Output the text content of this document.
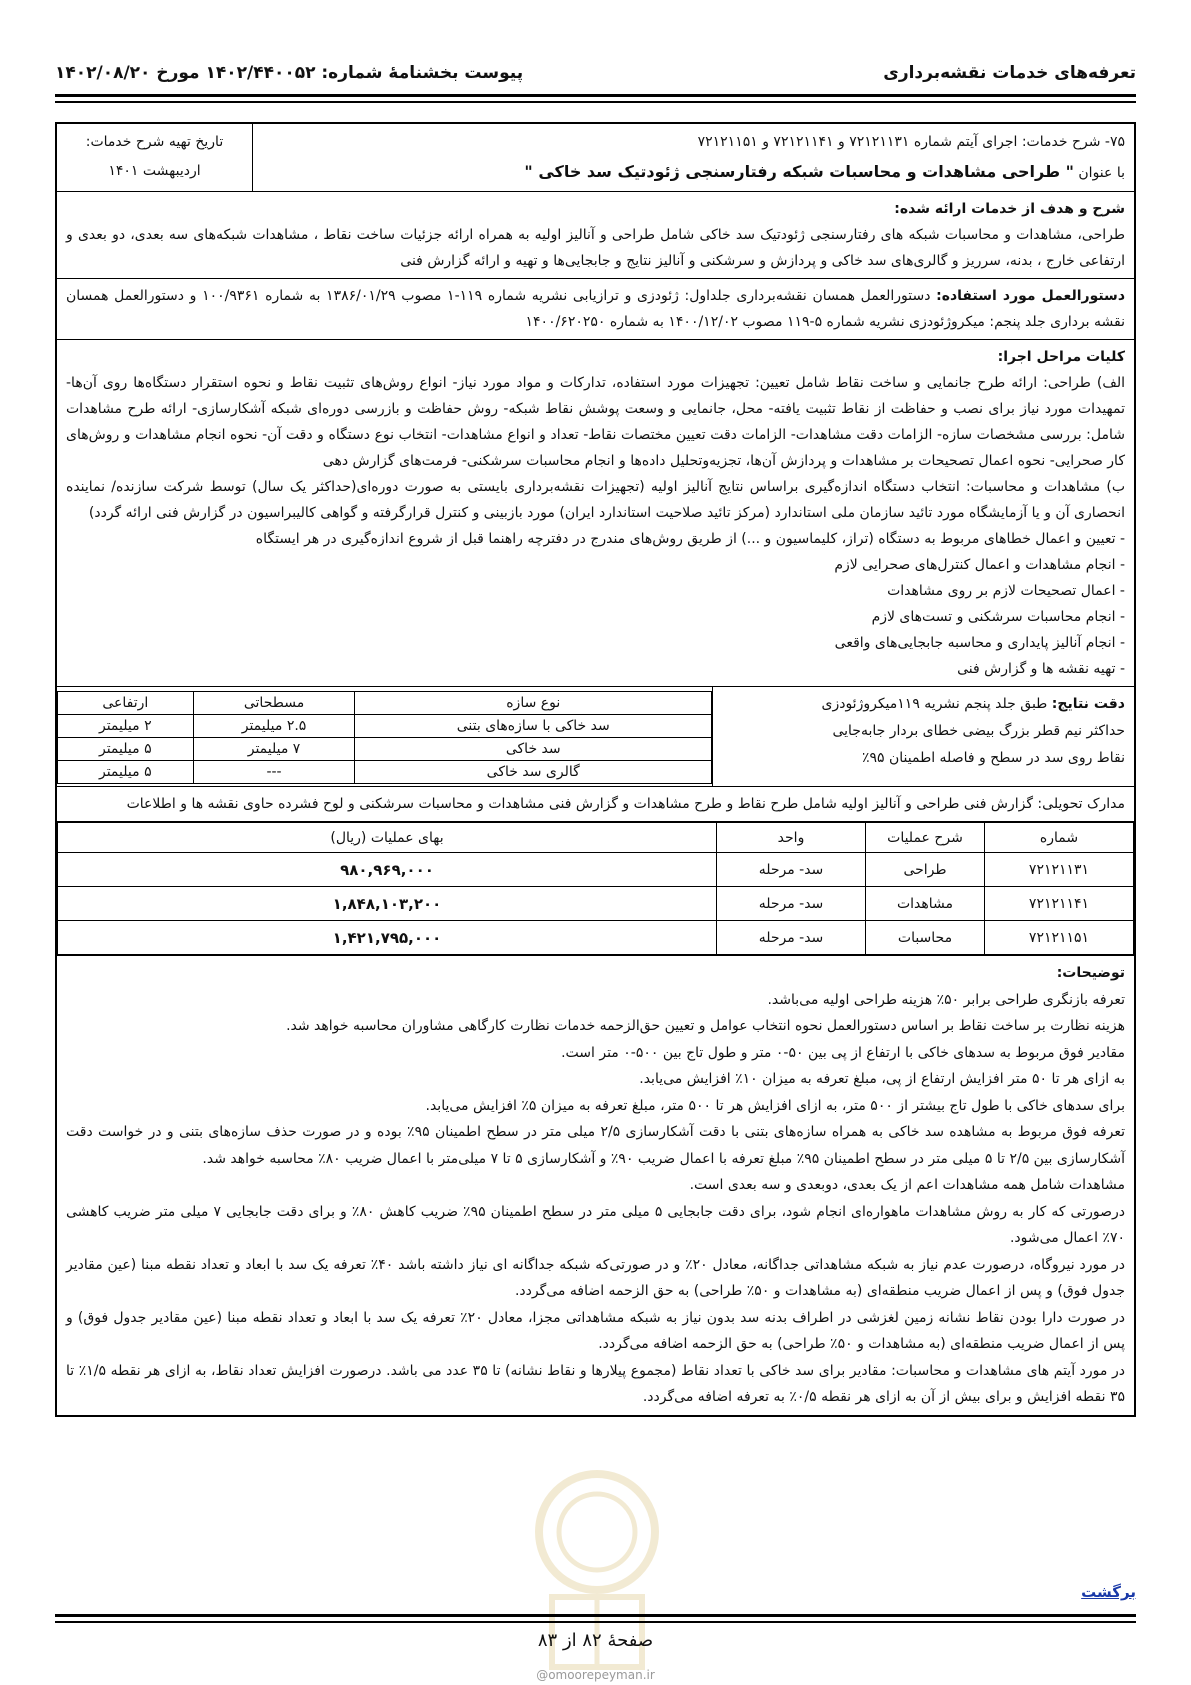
تعرفه‌های خدمات نقشه‌برداری
پیوست بخشنامهٔ شماره: ۱۴۰۲/۴۴۰۰۵۲ مورخ ۱۴۰۲/۰۸/۲۰
۷۵- شرح خدمات: اجرای آیتم شماره ۷۲۱۲۱۱۳۱ و ۷۲۱۲۱۱۴۱ و ۷۲۱۲۱۱۵۱
با عنوان " طراحی مشاهدات و محاسبات شبکه رفتارسنجی ژئودتیک سد خاکی "
تاریخ تهیه شرح خدمات:
اردیبهشت ۱۴۰۱
شرح و هدف از خدمات ارائه شده:
طراحی، مشاهدات و محاسبات شبکه های رفتارسنجی ژئودتیک سد خاکی شامل طراحی و آنالیز اولیه به همراه ارائه جزئیات ساخت نقاط ، مشاهدات شبکه‌های سه بعدی، دو بعدی و ارتفاعی خارج ، بدنه، سرریز و گالری‌های سد خاکی و پردازش و سرشکنی و آنالیز نتایج و جابجایی‌ها و تهیه و ارائه گزارش فنی
دستورالعمل مورد استفاده: دستورالعمل همسان نقشه‌برداری جلداول: ژئودزی و ترازیابی نشریه شماره ۱۱۹-۱ مصوب ۱۳۸۶/۰۱/۲۹ به شماره ۱۰۰/۹۳۶۱ و دستورالعمل همسان نقشه برداری جلد پنجم: میکروژئودزی نشریه شماره ۵-۱۱۹ مصوب ۱۴۰۰/۱۲/۰۲ به شماره ۱۴۰۰/۶۲۰۲۵۰
کلیات مراحل اجرا:
الف) طراحی: ارائه طرح جانمایی و ساخت نقاط شامل تعیین: تجهیزات مورد استفاده، تدارکات و مواد مورد نیاز- انواع روش‌های تثبیت نقاط و نحوه استقرار دستگاه‌ها روی آن‌ها- تمهیدات مورد نیاز برای نصب و حفاظت از نقاط تثبیت یافته- محل، جانمایی و وسعت پوشش نقاط شبکه- روش حفاظت و بازرسی دوره‌ای شبکه آشکارسازی- ارائه طرح مشاهدات شامل: بررسی مشخصات سازه- الزامات دقت مشاهدات- الزامات دقت تعیین مختصات نقاط- تعداد و انواع مشاهدات- انتخاب نوع دستگاه و دقت آن- نحوه انجام مشاهدات و روش‌های کار صحرایی- نحوه اعمال تصحیحات بر مشاهدات و پردازش آن‌ها، تجزیه‌وتحلیل داده‌ها و انجام محاسبات سرشکنی- فرمت‌های گزارش دهی
ب) مشاهدات و محاسبات: انتخاب دستگاه اندازه‌گیری براساس نتایج آنالیز اولیه (تجهیزات نقشه‌برداری بایستی به صورت دوره‌ای(حداکثر یک سال) توسط شرکت سازنده/ نماینده انحصاری آن و یا آزمایشگاه مورد تائید سازمان ملی استاندارد (مرکز تائید صلاحیت استاندارد ایران) مورد بازبینی و کنترل قرارگرفته و گواهی کالیبراسیون در گزارش فنی ارائه گردد)
- تعیین و اعمال خطاهای مربوط به دستگاه (تراز، کلیماسیون و ...) از طریق روش‌های مندرج در دفترچه راهنما قبل از شروع اندازه‌گیری در هر ایستگاه
- انجام مشاهدات و اعمال کنترل‌های صحرایی لازم
- اعمال تصحیحات لازم بر روی مشاهدات
- انجام محاسبات سرشکنی و تست‌های لازم
- انجام آنالیز پایداری و محاسبه جابجایی‌های واقعی
- تهیه نقشه ها و گزارش فنی
دقت نتایج: طبق جلد پنجم نشریه ۱۱۹میکروژئودزی
حداکثر نیم قطر بزرگ بیضی خطای بردار جابه‌جایی
نقاط روی سد در سطح و فاصله اطمینان ۹۵٪
نوع سازه	مسطحاتی	ارتفاعی
سد خاکی با سازه‌های بتنی	۲.۵ میلیمتر	۲ میلیمتر
سد خاکی	۷ میلیمتر	۵ میلیمتر
گالری سد خاکی	---	۵ میلیمتر
مدارک تحویلی: گزارش فنی طراحی و آنالیز اولیه شامل طرح نقاط و طرح مشاهدات و گزارش فنی مشاهدات و محاسبات سرشکنی و لوح فشرده حاوی نقشه ها و اطلاعات
شماره	شرح عملیات	واحد	بهای عملیات (ریال)
۷۲۱۲۱۱۳۱	طراحی	سد- مرحله	۹۸۰,۹۶۹,۰۰۰
۷۲۱۲۱۱۴۱	مشاهدات	سد- مرحله	۱,۸۴۸,۱۰۳,۲۰۰
۷۲۱۲۱۱۵۱	محاسبات	سد- مرحله	۱,۴۲۱,۷۹۵,۰۰۰
توضیحات:
تعرفه بازنگری طراحی برابر ۵۰٪ هزینه طراحی اولیه می‌باشد.
هزینه نظارت بر ساخت نقاط بر اساس دستورالعمل نحوه انتخاب عوامل و تعیین حق‌الزحمه خدمات نظارت کارگاهی مشاوران محاسبه خواهد شد.
مقادیر فوق مربوط به سدهای خاکی با ارتفاع از پی بین ۵۰-۰ متر و طول تاج بین ۵۰۰-۰ متر است.
به ازای هر تا ۵۰ متر افزایش ارتفاع از پی، مبلغ تعرفه به میزان ۱۰٪ افزایش می‌یابد.
برای سدهای خاکی با طول تاج بیشتر از ۵۰۰ متر، به ازای افزایش هر تا ۵۰۰ متر، مبلغ تعرفه به میزان ۵٪ افزایش می‌یابد.
تعرفه فوق مربوط به مشاهده سد خاکی به همراه سازه‌های بتنی با دقت آشکارسازی ۲/۵ میلی متر در سطح اطمینان ۹۵٪ بوده و در صورت حذف سازه‌های بتنی و در خواست دقت آشکارسازی بین ۲/۵ تا ۵ میلی متر در سطح اطمینان ۹۵٪ مبلغ تعرفه با اعمال ضریب ۹۰٪ و آشکارسازی ۵ تا ۷ میلی‌متر با اعمال ضریب ۸۰٪ محاسبه خواهد شد.
مشاهدات شامل همه مشاهدات اعم از یک بعدی، دوبعدی و سه بعدی است.
درصورتی که کار به روش مشاهدات ماهواره‌ای انجام شود، برای دقت جابجایی ۵ میلی متر در سطح اطمینان ۹۵٪ ضریب کاهش ۸۰٪ و برای دقت جابجایی ۷ میلی متر ضریب کاهشی ۷۰٪ اعمال می‌شود.
در مورد نیروگاه، درصورت عدم نیاز به شبکه مشاهداتی جداگانه، معادل ۲۰٪ و در صورتی‌که شبکه جداگانه ای نیاز داشته باشد ۴۰٪ تعرفه یک سد با ابعاد و تعداد نقطه مبنا (عین مقادیر جدول فوق) و پس از اعمال ضریب منطقه‌ای (به مشاهدات و ۵۰٪ طراحی) به حق الزحمه اضافه می‌گردد.
در صورت دارا بودن نقاط نشانه زمین لغزشی در اطراف بدنه سد بدون نیاز به شبکه مشاهداتی مجزا، معادل ۲۰٪ تعرفه یک سد با ابعاد و تعداد نقطه مبنا (عین مقادیر جدول فوق) و پس از اعمال ضریب منطقه‌ای (به مشاهدات و ۵۰٪ طراحی) به حق الزحمه اضافه می‌گردد.
در مورد آیتم های مشاهدات و محاسبات: مقادیر برای سد خاکی با تعداد نقاط (مجموع پیلارها و نقاط نشانه) تا ۳۵ عدد می باشد. درصورت افزایش تعداد نقاط، به ازای هر نقطه ۱/۵٪ تا ۳۵ نقطه افزایش و برای بیش از آن به ازای هر نقطه ۰/۵٪ به تعرفه اضافه می‌گردد.
برگشت
صفحهٔ ۸۲ از ۸۳
@omoorepeyman.ir
